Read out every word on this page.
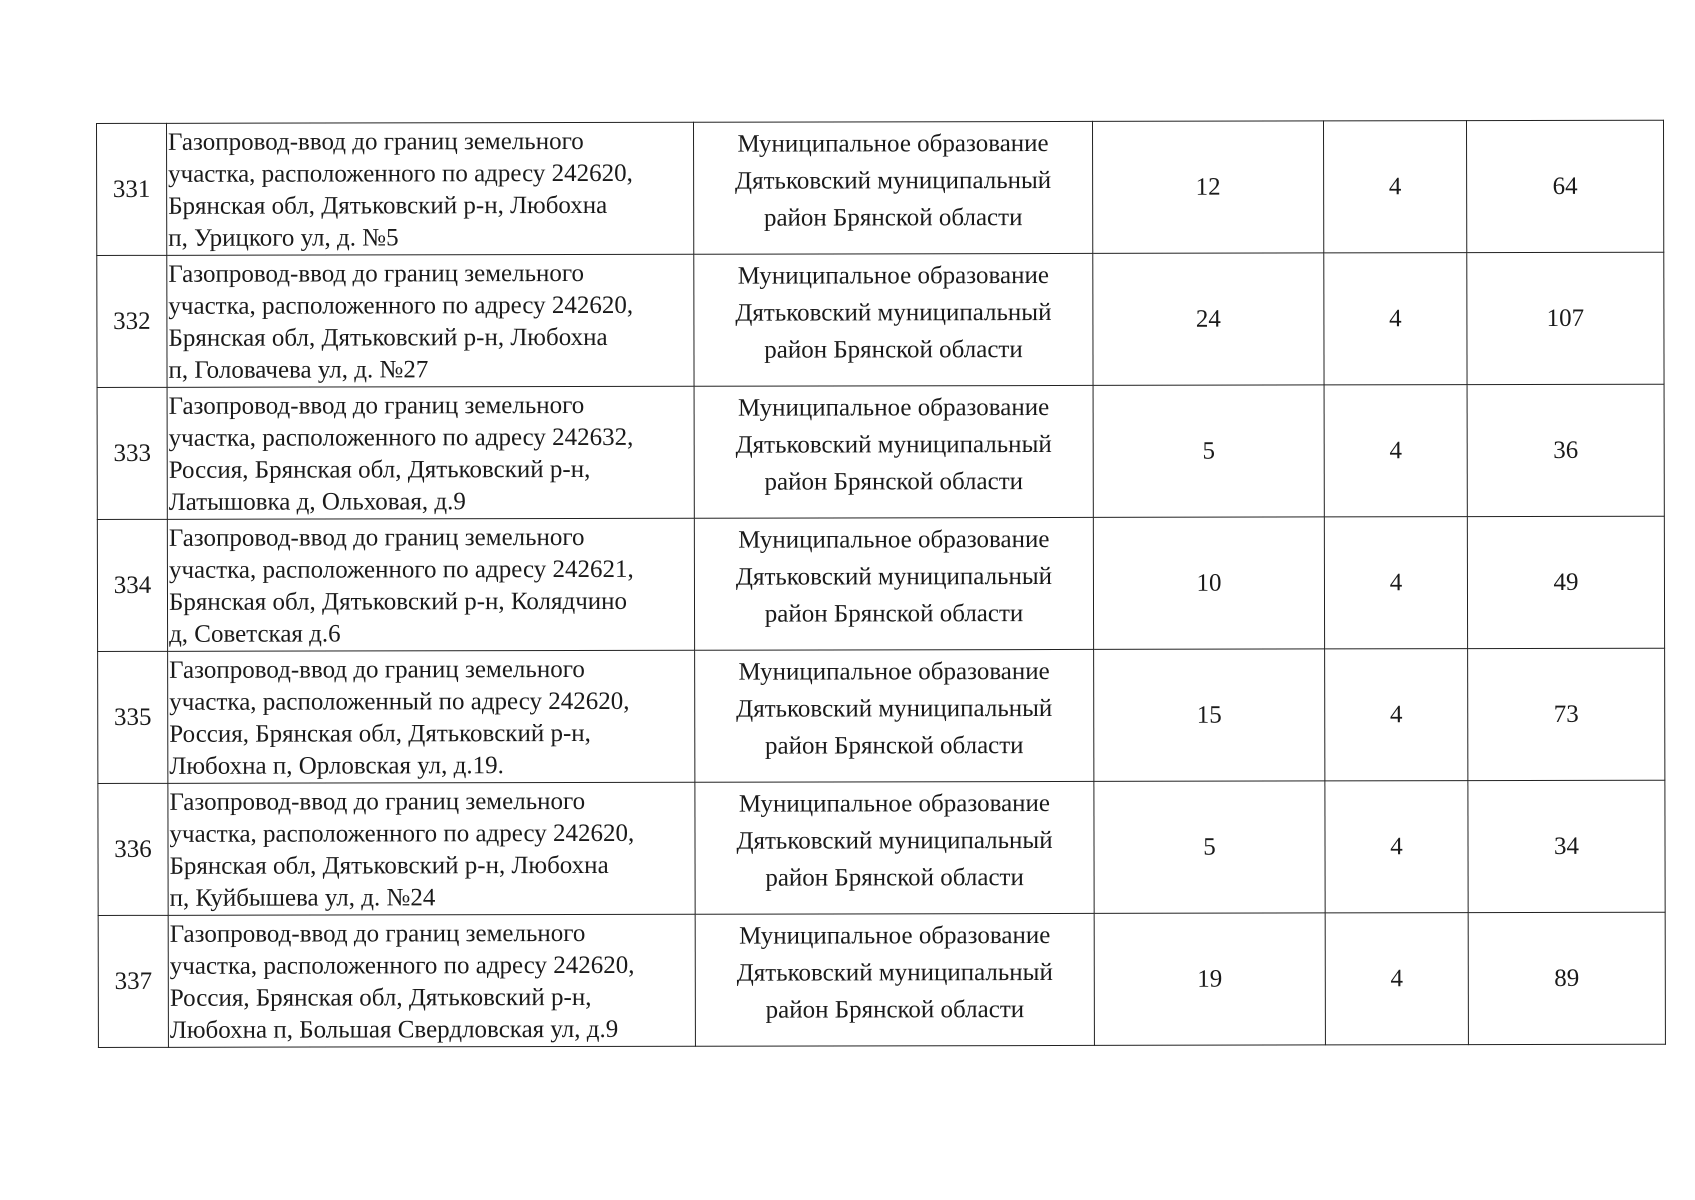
331	Газопровод-ввод до границ земельного
участка, расположенного по адресу 242620,
Брянская обл, Дятьковский р-н, Любохна
п, Урицкого ул, д. №5	Муниципальное образование
Дятьковский муниципальный
район Брянской области	12	4	64
332	Газопровод-ввод до границ земельного
участка, расположенного по адресу 242620,
Брянская обл, Дятьковский р-н, Любохна
п, Головачева ул, д. №27	Муниципальное образование
Дятьковский муниципальный
район Брянской области	24	4	107
333	Газопровод-ввод до границ земельного
участка, расположенного по адресу 242632,
Россия, Брянская обл, Дятьковский р-н,
Латышовка д, Ольховая, д.9	Муниципальное образование
Дятьковский муниципальный
район Брянской области	5	4	36
334	Газопровод-ввод до границ земельного
участка, расположенного по адресу 242621,
Брянская обл, Дятьковский р-н, Колядчино
д, Советская д.6	Муниципальное образование
Дятьковский муниципальный
район Брянской области	10	4	49
335	Газопровод-ввод до границ земельного
участка, расположенный по адресу 242620,
Россия, Брянская обл, Дятьковский р-н,
Любохна п, Орловская ул, д.19.	Муниципальное образование
Дятьковский муниципальный
район Брянской области	15	4	73
336	Газопровод-ввод до границ земельного
участка, расположенного по адресу 242620,
Брянская обл, Дятьковский р-н, Любохна
п, Куйбышева ул, д. №24	Муниципальное образование
Дятьковский муниципальный
район Брянской области	5	4	34
337	Газопровод-ввод до границ земельного
участка, расположенного по адресу 242620,
Россия, Брянская обл, Дятьковский р-н,
Любохна п, Большая Свердловская ул, д.9	Муниципальное образование
Дятьковский муниципальный
район Брянской области	19	4	89
